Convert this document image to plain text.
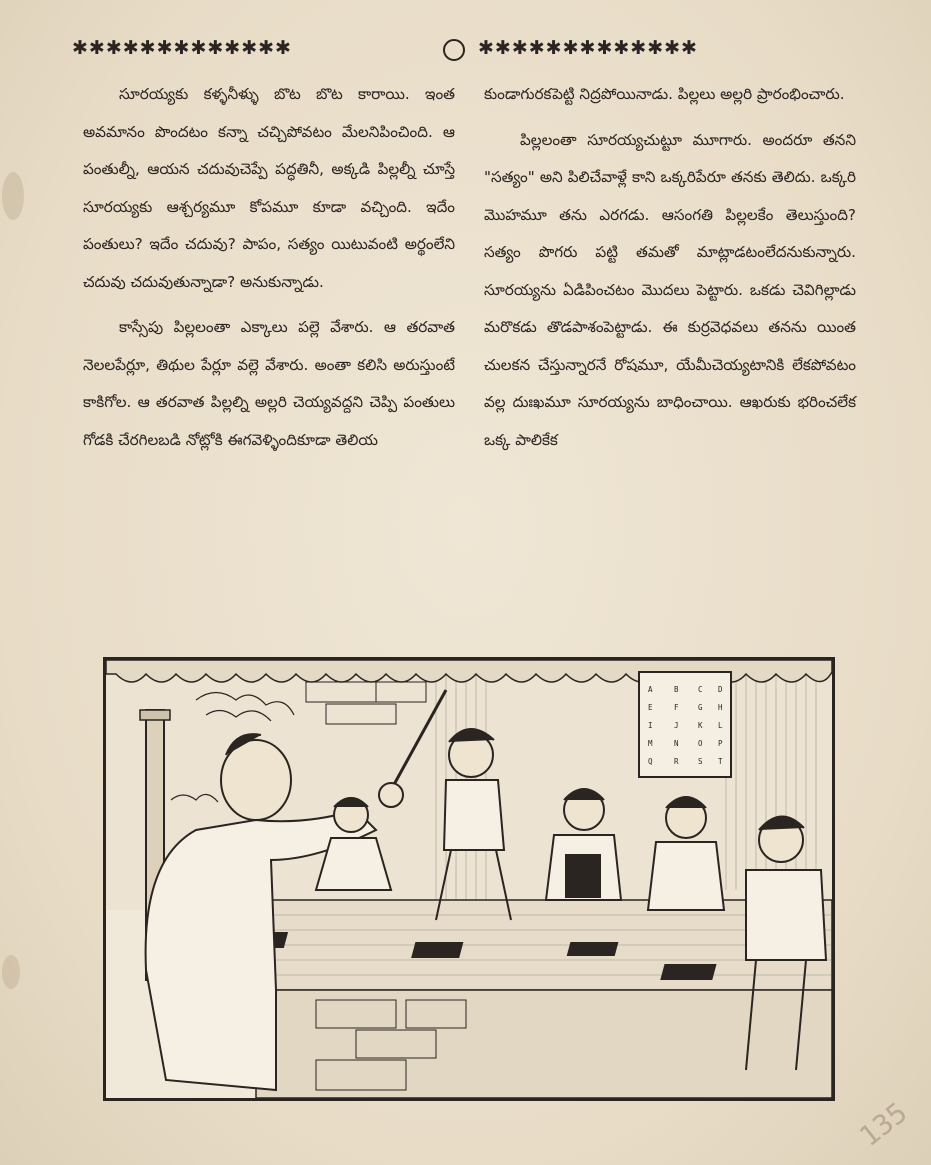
✱✱✱✱✱✱✱✱✱✱✱✱✱	✱✱✱✱✱✱✱✱✱✱✱✱✱

సూరయ్యకు కళ్ళనీళ్ళు బొట బొట కారాయి. ఇంత అవమానం పొందటం కన్నా చచ్చిపోవటం మేలనిపించింది. ఆ పంతుల్నీ, ఆయన చదువుచెప్పే పద్ధతినీ, అక్కడి పిల్లల్నీ చూస్తే సూరయ్యకు ఆశ్చర్యమూ కోపమూ కూడా వచ్చింది. ఇదేం పంతులు? ఇదేం చదువు? పాపం, సత్యం యిటువంటి అర్థంలేని చదువు చదువుతున్నాడా? అనుకున్నాడు.

కాస్సేపు పిల్లలంతా ఎక్కాలు పల్లె వేశారు. ఆ తరవాత నెలలపేర్లూ, తిథుల పేర్లూ వల్లె వేశారు. అంతా కలిసి అరుస్తుంటే కాకిగోల. ఆ తరవాత పిల్లల్ని అల్లరి చెయ్యవద్దని చెప్పి పంతులు గోడకి చేరగిలబడి నోట్లోకి ఈగవెళ్ళిందికూడా తెలియ

కుండాగురకపెట్టి నిద్రపోయినాడు. పిల్లలు అల్లరి ప్రారంభించారు.

పిల్లలంతా సూరయ్యచుట్టూ మూగారు. అందరూ తనని "సత్యం" అని పిలిచేవాళ్లే కాని ఒక్కరిపేరూ తనకు తెలిదు. ఒక్కరి మొహమూ తను ఎరగడు. ఆసంగతి పిల్లలకేం తెలుస్తుంది? సత్యం పొగరు పట్టి తమతో మాట్లాడటంలేదనుకున్నారు. సూరయ్యను ఏడిపించటం మొదలు పెట్టారు. ఒకడు చెవిగిల్లాడు మరొకడు తొడపాశంపెట్టాడు. ఈ కుర్రవెధవలు తనను యింత చులకన చేస్తున్నారనే రోషమూ, యేమీచెయ్యటానికి లేకపోవటం వల్ల దుఃఖమూ సూరయ్యను బాధించాయి. ఆఖరుకు భరించలేక ఒక్క పాలికేక

A	B	C D
E	F	G H
I	J	K L
M	N	O P
Q	R	S T
135
